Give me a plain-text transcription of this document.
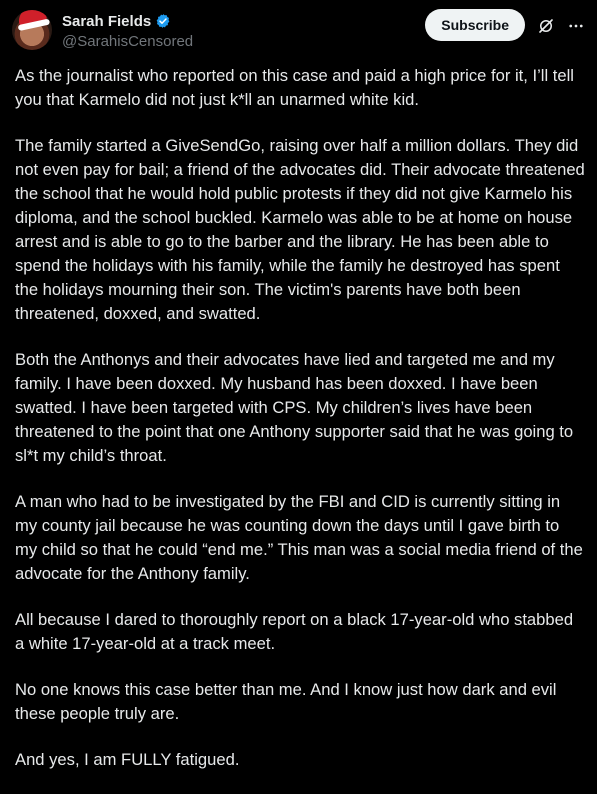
Sarah Fields
@SarahisCensored
Subscribe

As the journalist who reported on this case and paid a high price for it, I’ll tell you that Karmelo did not just k*ll an unarmed white kid.

The family started a GiveSendGo, raising over half a million dollars. They did not even pay for bail; a friend of the advocates did. Their advocate threatened the school that he would hold public protests if they did not give Karmelo his diploma, and the school buckled. Karmelo was able to be at home on house arrest and is able to go to the barber and the library. He has been able to spend the holidays with his family, while the family he destroyed has spent the holidays mourning their son. The victim's parents have both been threatened, doxxed, and swatted.

Both the Anthonys and their advocates have lied and targeted me and my family. I have been doxxed. My husband has been doxxed. I have been swatted. I have been targeted with CPS. My children’s lives have been threatened to the point that one Anthony supporter said that he was going to sl*t my child’s throat.

A man who had to be investigated by the FBI and CID is currently sitting in my county jail because he was counting down the days until I gave birth to my child so that he could “end me.” This man was a social media friend of the advocate for the Anthony family.

All because I dared to thoroughly report on a black 17-year-old who stabbed a white 17-year-old at a track meet.

No one knows this case better than me. And I know just how dark and evil these people truly are.

And yes, I am FULLY fatigued.
